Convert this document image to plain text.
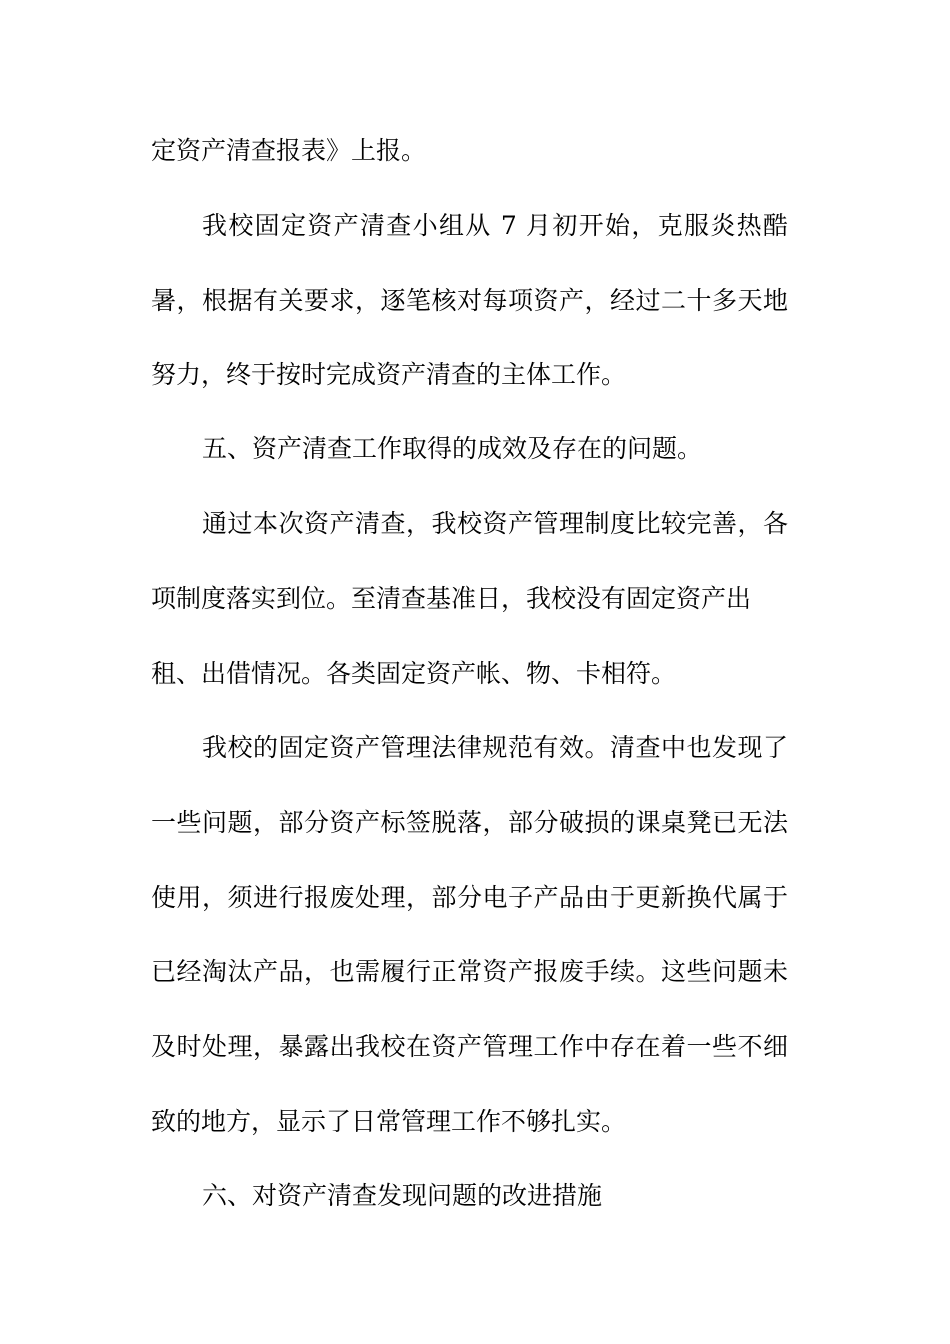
定资产清查报表》上报。
我校固定资产清查小组从 7 月初开始，克服炎热酷
暑，根据有关要求，逐笔核对每项资产，经过二十多天地
努力，终于按时完成资产清查的主体工作。
五、资产清查工作取得的成效及存在的问题。
通过本次资产清查，我校资产管理制度比较完善，各
项制度落实到位。至清查基准日，我校没有固定资产出
租、出借情况。各类固定资产帐、物、卡相符。
我校的固定资产管理法律规范有效。清查中也发现了
一些问题，部分资产标签脱落，部分破损的课桌凳已无法
使用，须进行报废处理，部分电子产品由于更新换代属于
已经淘汰产品，也需履行正常资产报废手续。这些问题未
及时处理，暴露出我校在资产管理工作中存在着一些不细
致的地方，显示了日常管理工作不够扎实。
六、对资产清查发现问题的改进措施
